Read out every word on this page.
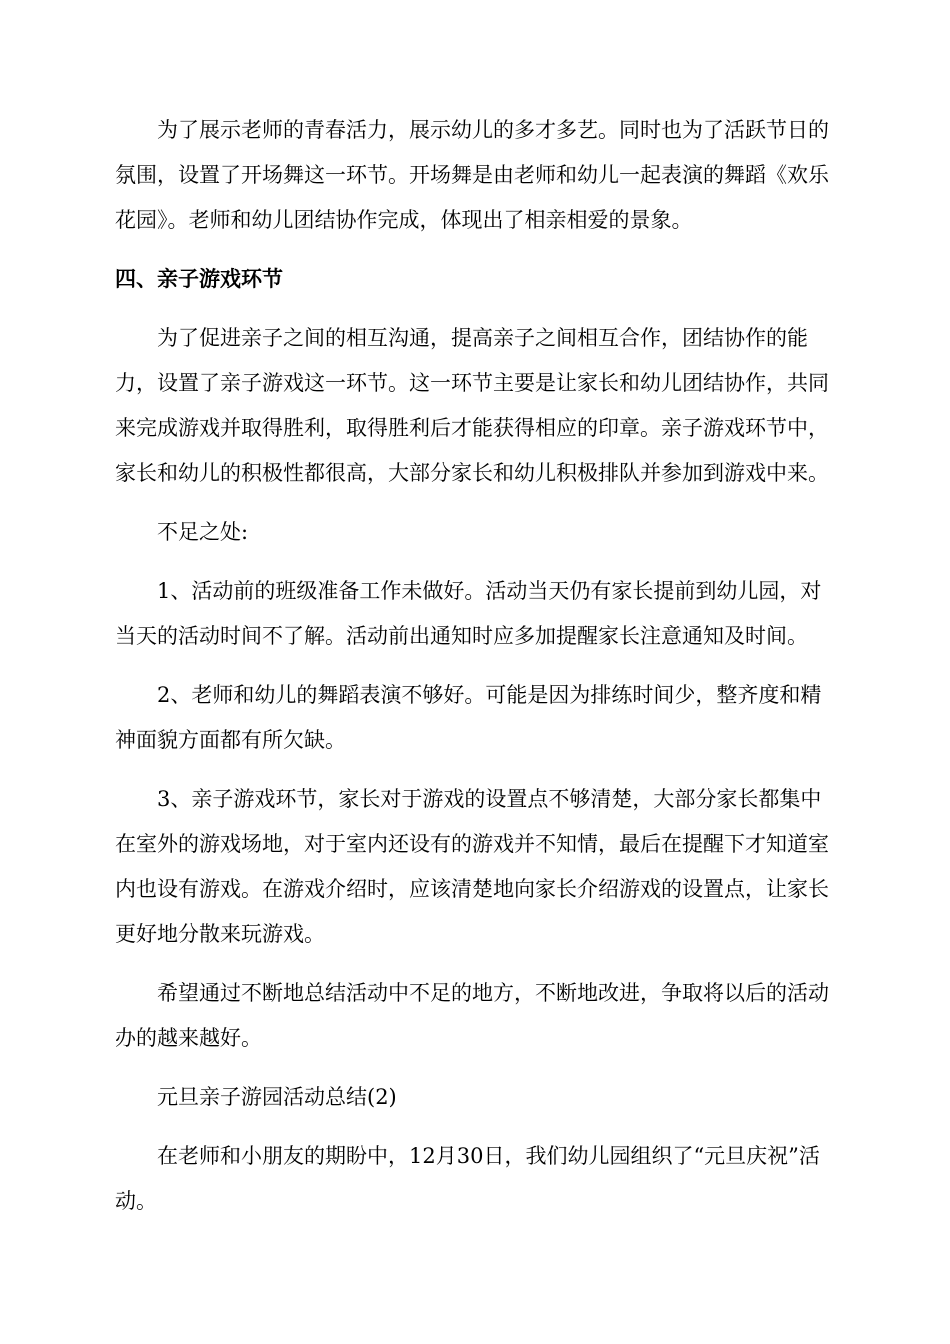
为了展示老师的青春活力，展示幼儿的多才多艺。同时也为了活跃节日的氛围，设置了开场舞这一环节。开场舞是由老师和幼儿一起表演的舞蹈《欢乐花园》。老师和幼儿团结协作完成，体现出了相亲相爱的景象。

四、亲子游戏环节

为了促进亲子之间的相互沟通，提高亲子之间相互合作，团结协作的能力，设置了亲子游戏这一环节。这一环节主要是让家长和幼儿团结协作，共同来完成游戏并取得胜利，取得胜利后才能获得相应的印章。亲子游戏环节中，家长和幼儿的积极性都很高，大部分家长和幼儿积极排队并参加到游戏中来。

不足之处:

1、活动前的班级准备工作未做好。活动当天仍有家长提前到幼儿园，对当天的活动时间不了解。活动前出通知时应多加提醒家长注意通知及时间。

2、老师和幼儿的舞蹈表演不够好。可能是因为排练时间少，整齐度和精神面貌方面都有所欠缺。

3、亲子游戏环节，家长对于游戏的设置点不够清楚，大部分家长都集中在室外的游戏场地，对于室内还设有的游戏并不知情，最后在提醒下才知道室内也设有游戏。在游戏介绍时，应该清楚地向家长介绍游戏的设置点，让家长更好地分散来玩游戏。

希望通过不断地总结活动中不足的地方，不断地改进，争取将以后的活动办的越来越好。

元旦亲子游园活动总结(2)

在老师和小朋友的期盼中，12月30日，我们幼儿园组织了“元旦庆祝”活动。
